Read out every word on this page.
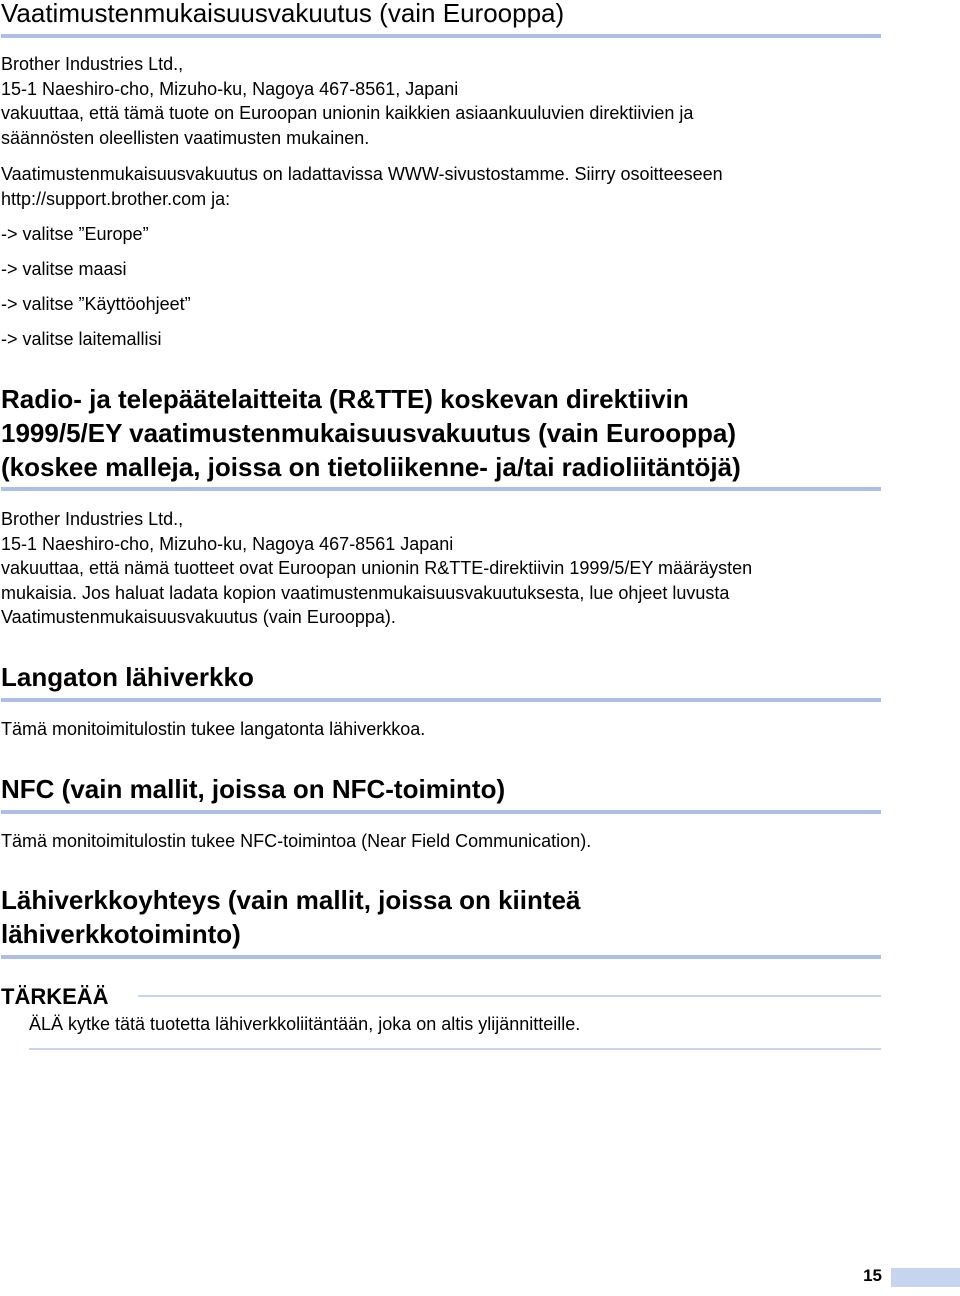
Vaatimustenmukaisuusvakuutus (vain Eurooppa)

Brother Industries Ltd.,

15-1 Naeshiro-cho, Mizuho-ku, Nagoya 467-8561, Japani

vakuuttaa, että tämä tuote on Euroopan unionin kaikkien asiaankuuluvien direktiivien ja

säännösten oleellisten vaatimusten mukainen.

Vaatimustenmukaisuusvakuutus on ladattavissa WWW-sivustostamme. Siirry osoitteeseen

http://support.brother.com ja:

-> valitse ”Europe”

-> valitse maasi

-> valitse ”Käyttöohjeet”

-> valitse laitemallisi

Radio- ja telepäätelaitteita (R&TTE) koskevan direktiivin
1999/5/EY vaatimustenmukaisuusvakuutus (vain Eurooppa)
(koskee malleja, joissa on tietoliikenne- ja/tai radioliitäntöjä)

Brother Industries Ltd.,

15-1 Naeshiro-cho, Mizuho-ku, Nagoya 467-8561 Japani

vakuuttaa, että nämä tuotteet ovat Euroopan unionin R&TTE-direktiivin 1999/5/EY määräysten

mukaisia. Jos haluat ladata kopion vaatimustenmukaisuusvakuutuksesta, lue ohjeet luvusta

Vaatimustenmukaisuusvakuutus (vain Eurooppa).

Langaton lähiverkko

Tämä monitoimitulostin tukee langatonta lähiverkkoa.

NFC (vain mallit, joissa on NFC-toiminto)

Tämä monitoimitulostin tukee NFC-toimintoa (Near Field Communication).

Lähiverkkoyhteys (vain mallit, joissa on kiinteä
lähiverkkotoiminto)

TÄRKEÄÄ

ÄLÄ kytke tätä tuotetta lähiverkkoliitäntään, joka on altis ylijännitteille.

15
